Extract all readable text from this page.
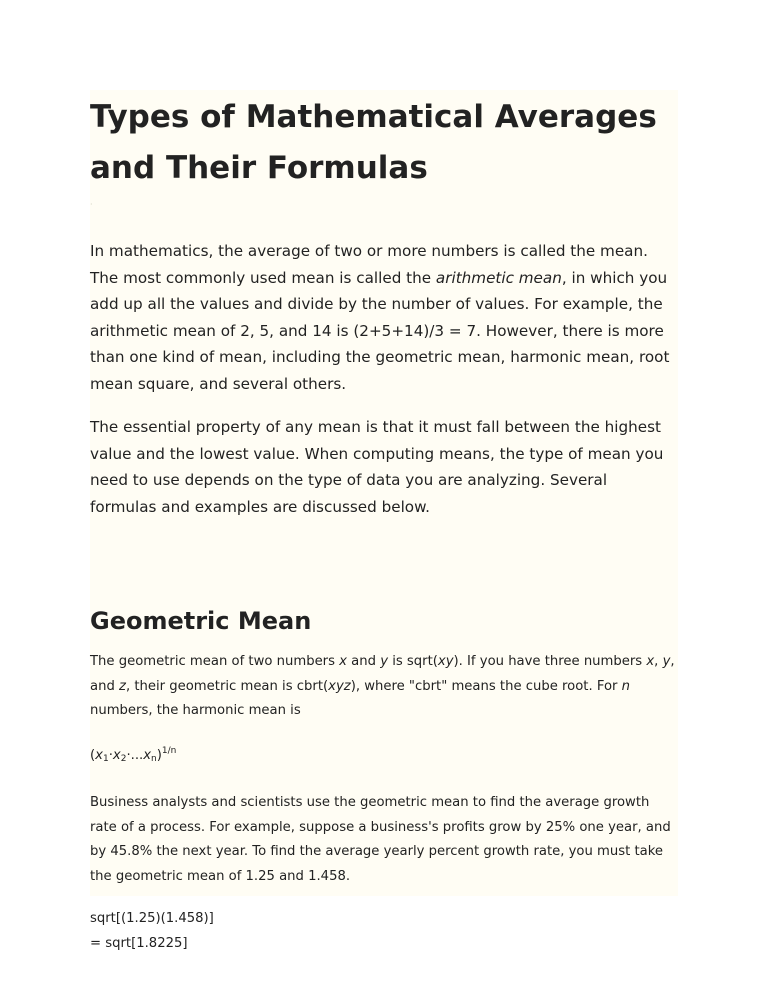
Types of Mathematical Averages and Their Formulas
·

In mathematics, the average of two or more numbers is called the mean. The most commonly used mean is called the arithmetic mean, in which you add up all the values and divide by the number of values. For example, the arithmetic mean of 2, 5, and 14 is (2+5+14)/3 = 7. However, there is more than one kind of mean, including the geometric mean, harmonic mean, root mean square, and several others.

The essential property of any mean is that it must fall between the highest value and the lowest value. When computing means, the type of mean you need to use depends on the type of data you are analyzing. Several formulas and examples are discussed below.

Geometric Mean

The geometric mean of two numbers x and y is sqrt(xy). If you have three numbers x, y, and z, their geometric mean is cbrt(xyz), where "cbrt" means the cube root. For n numbers, the harmonic mean is

$(x_1\cdot x_2\cdot...x_n)^{1/n}$

Business analysts and scientists use the geometric mean to find the average growth rate of a process. For example, suppose a business's profits grow by 25% one year, and by 45.8% the next year. To find the average yearly percent growth rate, you must take the geometric mean of 1.25 and 1.458.

sqrt[(1.25)(1.458)]
= sqrt[1.8225]
